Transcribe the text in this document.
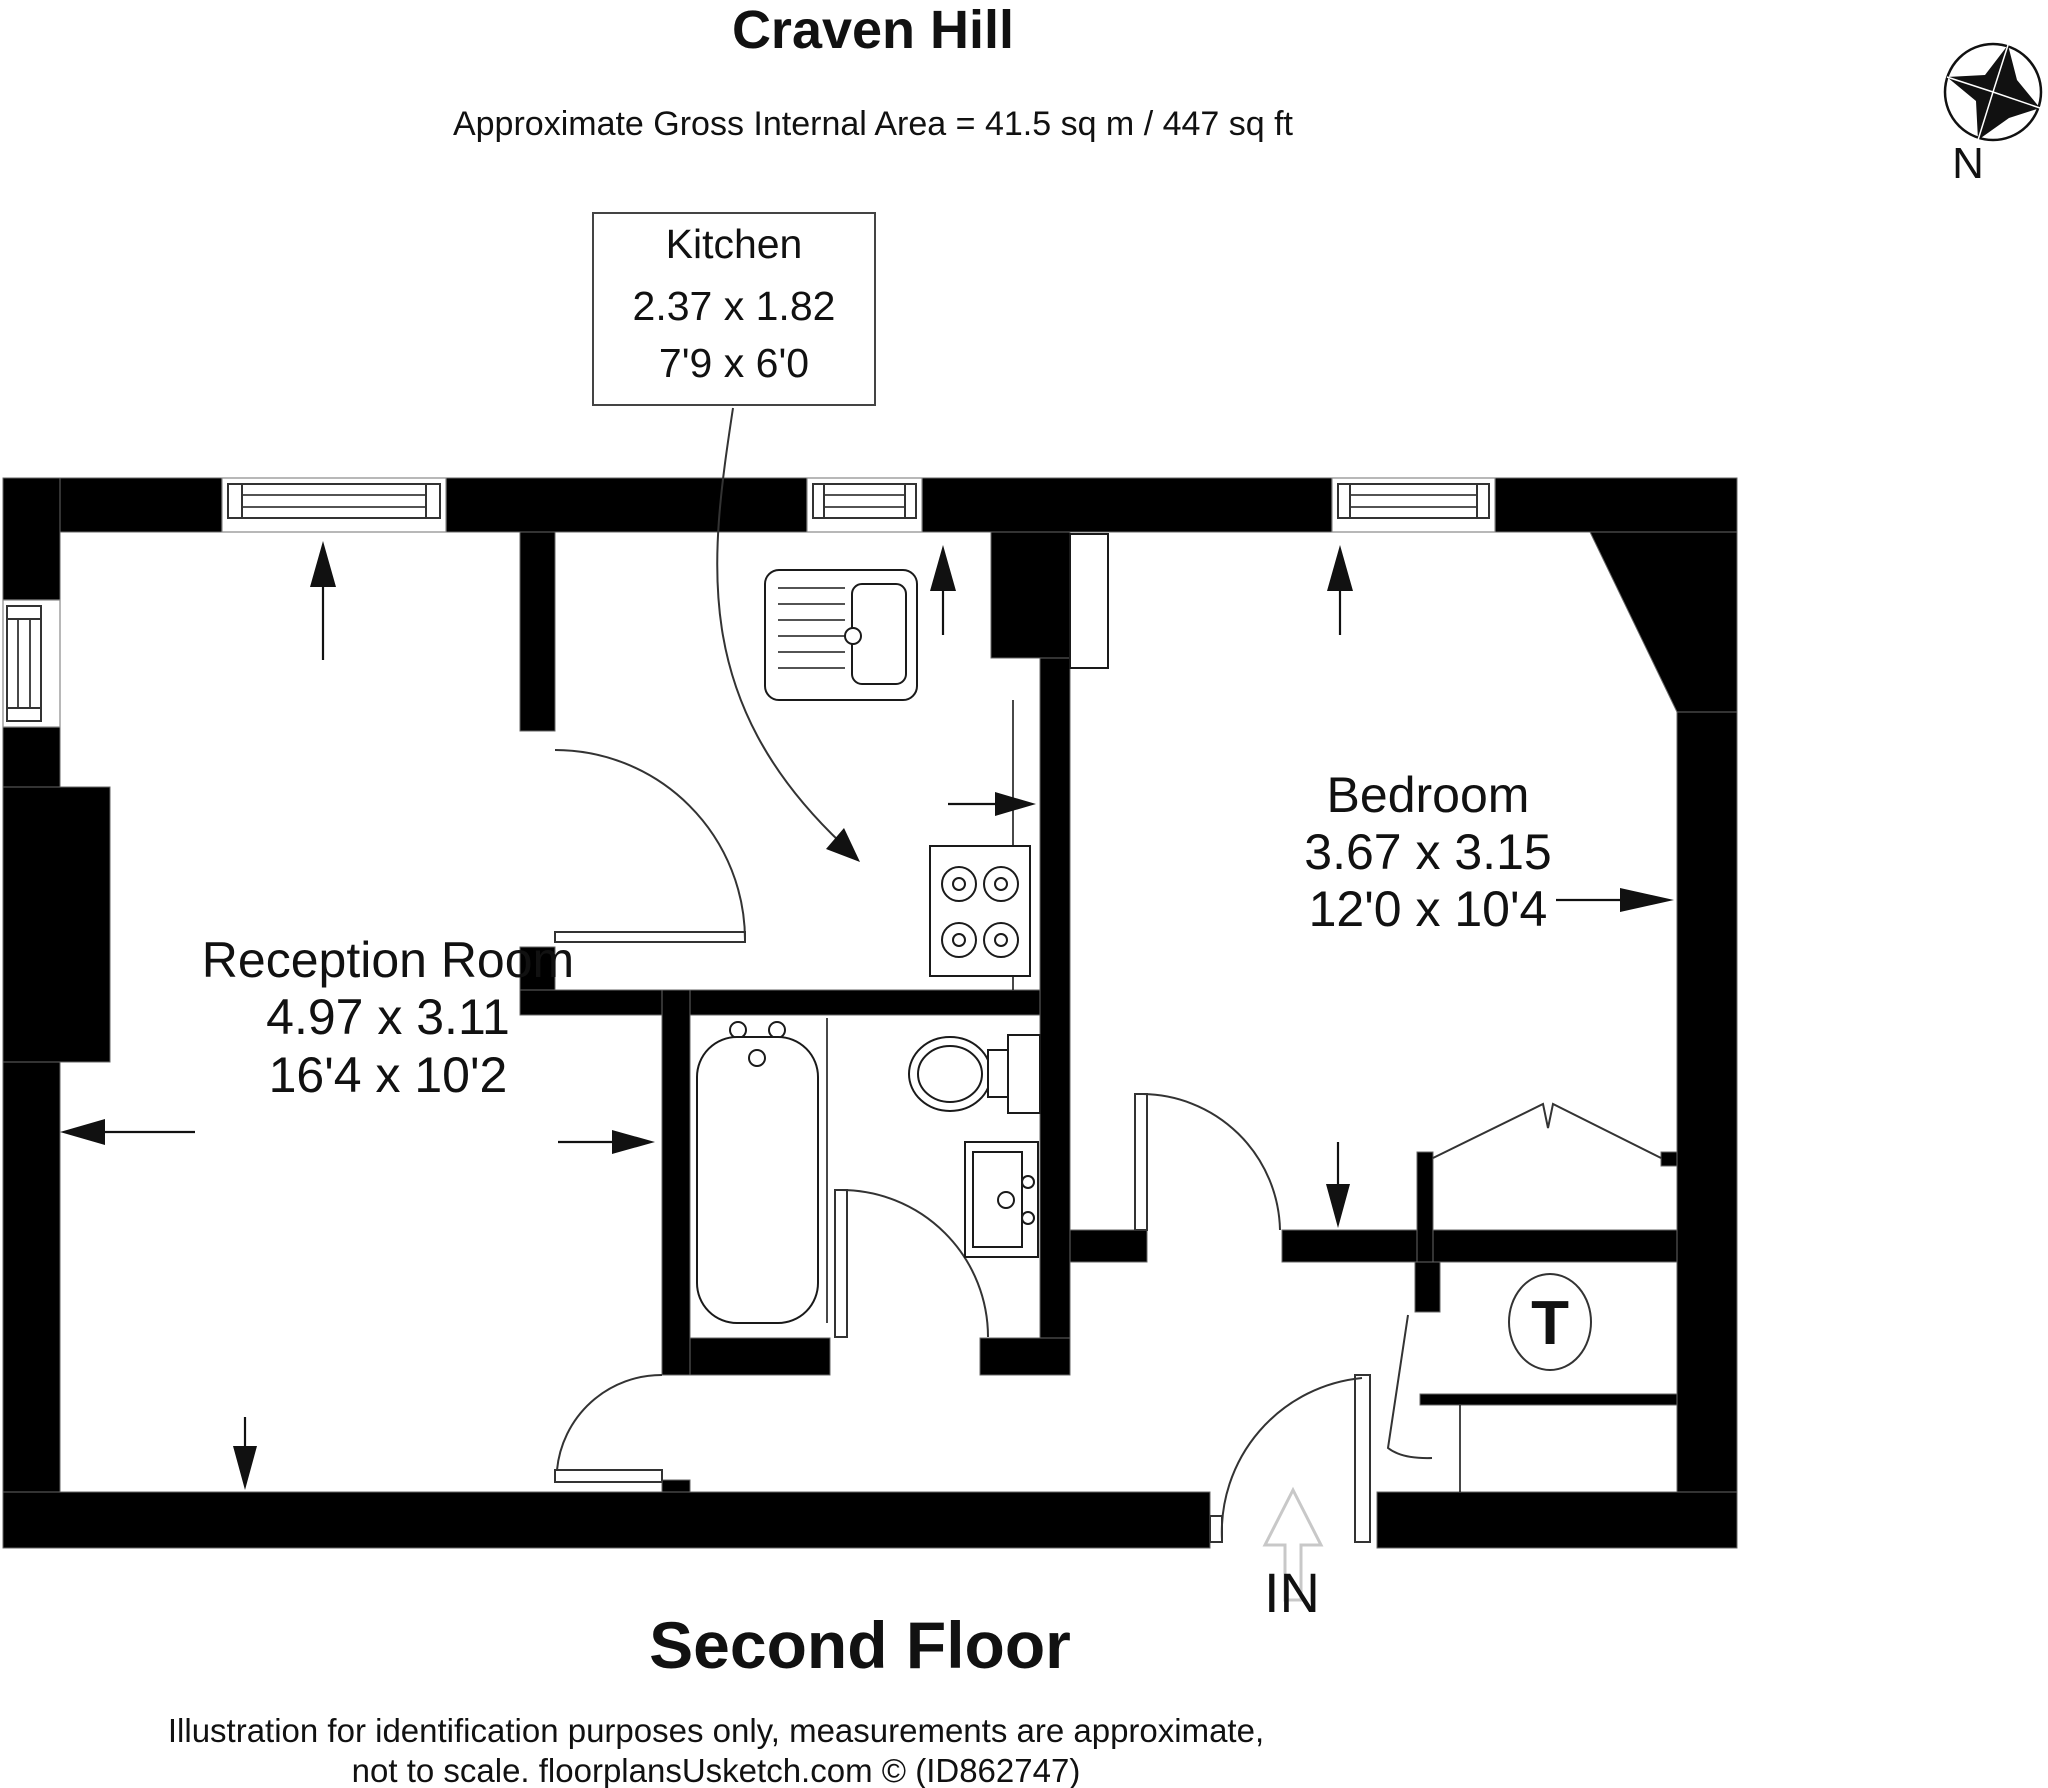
Craven Hill
Approximate Gross Internal Area = 41.5 sq m / 447 sq ft
N
Kitchen
2.37 x 1.82
7'9 x 6'0
Reception Room
4.97 x 3.11
16'4 x 10'2
Bedroom
3.67 x 3.15
12'0 x 10'4
T
IN
Second Floor
Illustration for identification purposes only, measurements are approximate,
not to scale. floorplansUsketch.com © (ID862747)
